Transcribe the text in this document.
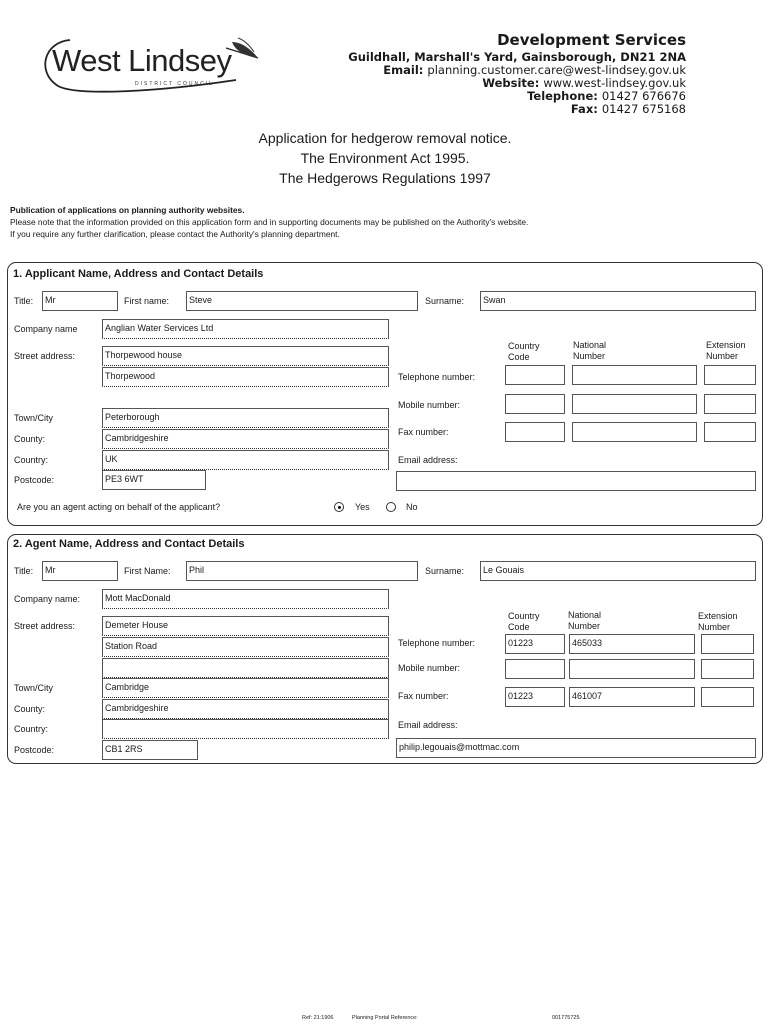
West Lindsey
DISTRICT COUNCIL
Development Services
Guildhall, Marshall's Yard, Gainsborough, DN21 2NA
Email: planning.customer.care@west-lindsey.gov.uk
Website: www.west-lindsey.gov.uk
Telephone: 01427 676676
Fax: 01427 675168
Application for hedgerow removal notice.
The Environment Act 1995.
The Hedgerows Regulations 1997
Publication of applications on planning authority websites.
Please note that the information provided on this application form and in supporting documents may be published on the Authority's website.
If you require any further clarification, please contact the Authority's planning department.
1. Applicant Name, Address and Contact Details
Title:	Mr	First name:	Steve	Surname:	Swan
Company name	Anglian Water Services Ltd
Street address:	Thorpewood house
Thorpewood
Town/City	Peterborough
County:	Cambridgeshire
Country:	UK
Postcode:	PE3 6WT
Country
Code
National
Number
Extension
Number
Telephone number:
Mobile number:
Fax number:
Email address:
Are you an agent acting on behalf of the applicant?	Yes	No
2. Agent Name, Address and Contact Details
Title:	Mr	First Name:	Phil	Surname:	Le Gouais
Company name:	Mott MacDonald
Street address:	Demeter House
Station Road
Town/City	Cambridge
County:	Cambridgeshire
Country:
Postcode:	CB1 2RS
Country
Code
National
Number
Extension
Number
Telephone number:	01223	465033
Mobile number:
Fax number:	01223	461007
Email address:
philip.legouais@mottmac.com
Ref: 21:1906	Planning Portal Reference:	001775725
